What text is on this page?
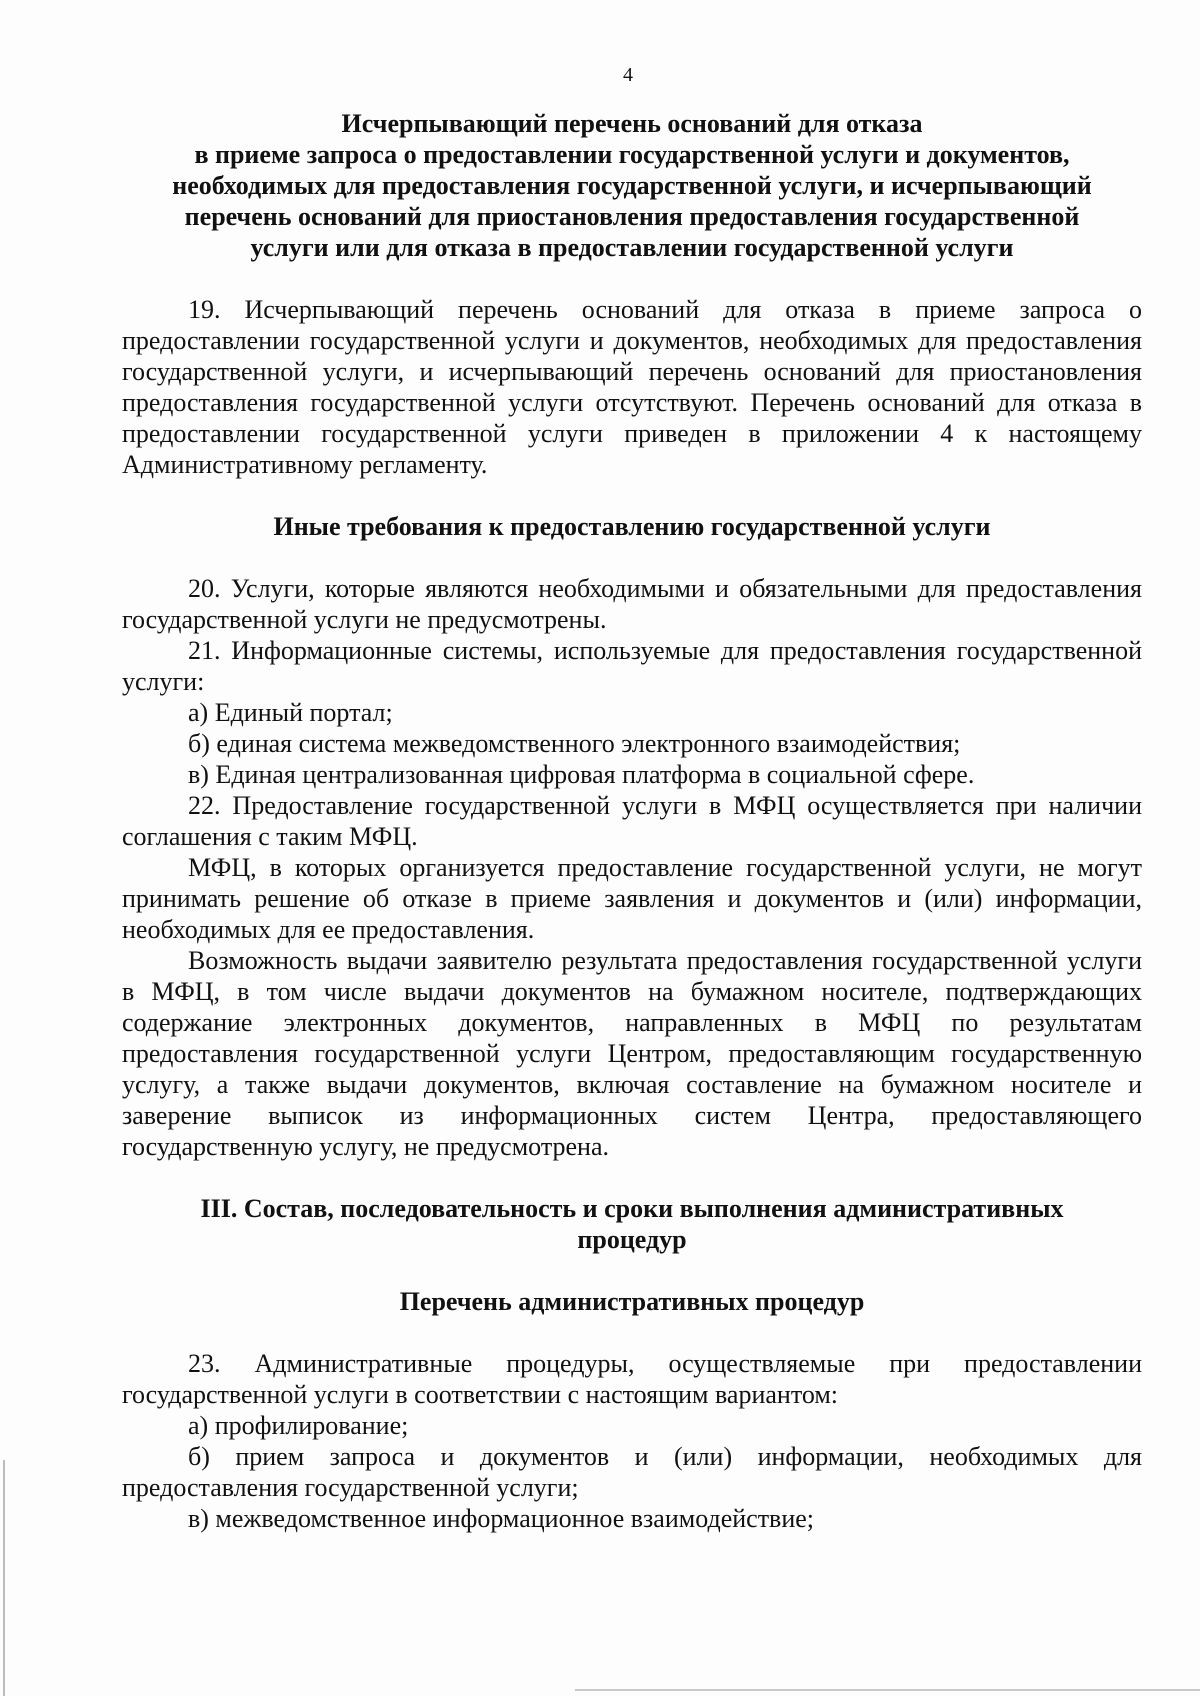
4
Исчерпывающий перечень оснований для отказа
в приеме запроса о предоставлении государственной услуги и документов,
необходимых для предоставления государственной услуги, и исчерпывающий
перечень оснований для приостановления предоставления государственной
услуги или для отказа в предоставлении государственной услуги

19. Исчерпывающий перечень оснований для отказа в приеме запроса о предоставлении государственной услуги и документов, необходимых для предоставления государственной услуги, и исчерпывающий перечень оснований для приостановления предоставления государственной услуги отсутствуют. Перечень оснований для отказа в предоставлении государственной услуги приведен в приложении 4 к настоящему Административному регламенту.

Иные требования к предоставлению государственной услуги

20. Услуги, которые являются необходимыми и обязательными для предоставления государственной услуги не предусмотрены.

21. Информационные системы, используемые для предоставления государственной услуги:

а) Единый портал;

б) единая система межведомственного электронного взаимодействия;

в) Единая централизованная цифровая платформа в социальной сфере.

22. Предоставление государственной услуги в МФЦ осуществляется при наличии соглашения с таким МФЦ.

МФЦ, в которых организуется предоставление государственной услуги, не могут принимать решение об отказе в приеме заявления и документов и (или) информации, необходимых для ее предоставления.

Возможность выдачи заявителю результата предоставления государственной услуги в МФЦ, в том числе выдачи документов на бумажном носителе, подтверждающих содержание электронных документов, направленных в МФЦ по результатам предоставления государственной услуги Центром, предоставляющим государственную услугу, а также выдачи документов, включая составление на бумажном носителе и заверение выписок из информационных систем Центра, предоставляющего государственную услугу, не предусмотрена.

III. Состав, последовательность и сроки выполнения административных
процедур
Перечень административных процедур

23. Административные процедуры, осуществляемые при предоставлении государственной услуги в соответствии с настоящим вариантом:

а) профилирование;

б) прием запроса и документов и (или) информации, необходимых для предоставления государственной услуги;

в) межведомственное информационное взаимодействие;
